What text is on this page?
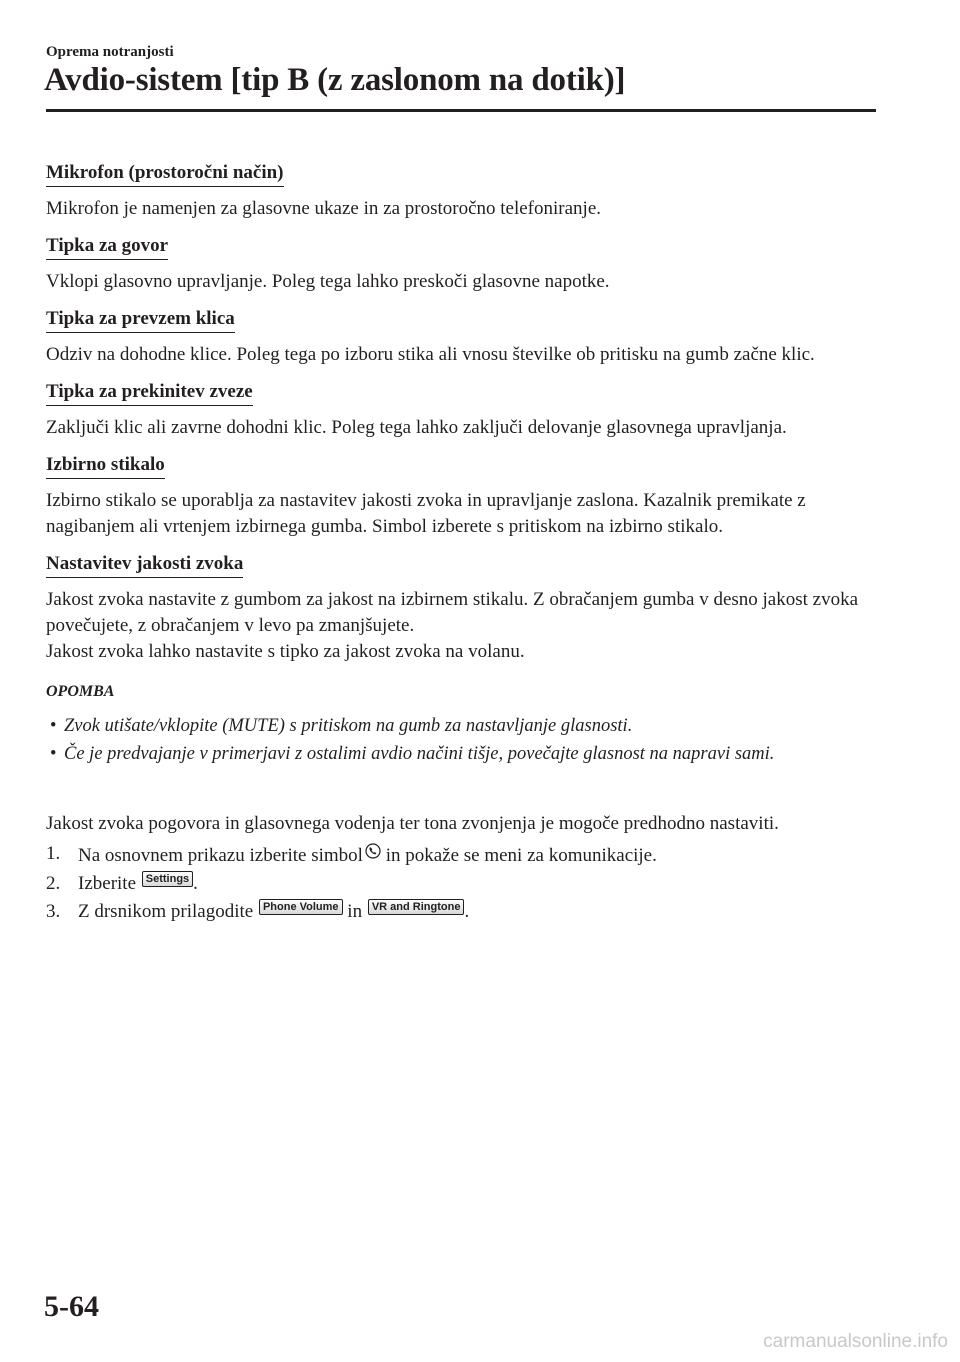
Oprema notranjosti
Avdio-sistem [tip B (z zaslonom na dotik)]
Mikrofon (prostoročni način)

Mikrofon je namenjen za glasovne ukaze in za prostoročno telefoniranje.

Tipka za govor

Vklopi glasovno upravljanje. Poleg tega lahko preskoči glasovne napotke.

Tipka za prevzem klica

Odziv na dohodne klice. Poleg tega po izboru stika ali vnosu številke ob pritisku na gumb začne klic.

Tipka za prekinitev zveze

Zaključi klic ali zavrne dohodni klic. Poleg tega lahko zaključi delovanje glasovnega upravljanja.

Izbirno stikalo

Izbirno stikalo se uporablja za nastavitev jakosti zvoka in upravljanje zaslona. Kazalnik premikate z nagibanjem ali vrtenjem izbirnega gumba. Simbol izberete s pritiskom na izbirno stikalo.

Nastavitev jakosti zvoka

Jakost zvoka nastavite z gumbom za jakost na izbirnem stikalu. Z obračanjem gumba v desno jakost zvoka povečujete, z obračanjem v levo pa zmanjšujete.
Jakost zvoka lahko nastavite s tipko za jakost zvoka na volanu.

OPOMBA
• Zvok utišate/vklopite (MUTE) s pritiskom na gumb za nastavljanje glasnosti.
• Če je predvajanje v primerjavi z ostalimi avdio načini tišje, povečajte glasnost na napravi sami.

Jakost zvoka pogovora in glasovnega vodenja ter tona zvonjenja je mogoče predhodno nastaviti.

1. Na osnovnem prikazu izberite simbol in pokaže se meni za komunikacije.
2. Izberite Settings .
3. Z drsnikom prilagodite Phone Volume in VR and Ringtone .
5-64
carmanualsonline.info
